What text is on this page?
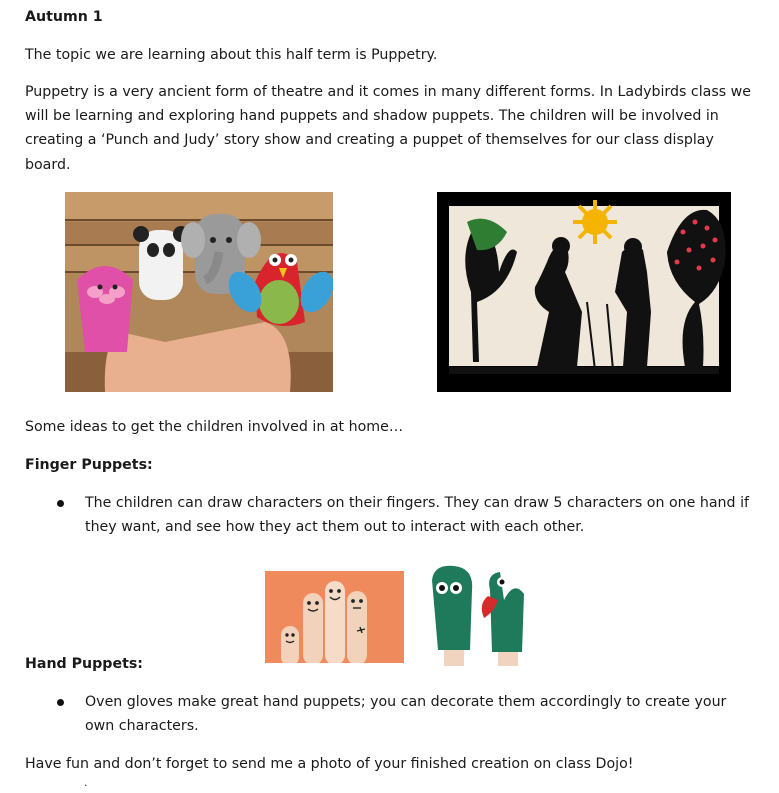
Autumn 1
The topic we are learning about this half term is Puppetry.
Puppetry is a very ancient form of theatre and it comes in many different forms. In Ladybirds class we
will be learning and exploring hand puppets and shadow puppets. The children will be involved in
creating a ‘Punch and Judy’ story show and creating a puppet of themselves for our class display
board.
Some ideas to get the children involved in at home…
Finger Puppets:
The children can draw characters on their fingers. They can draw 5 characters on one hand if
they want, and see how they act them out to interact with each other.
Hand Puppets:
Oven gloves make great hand puppets; you can decorate them accordingly to create your
own characters.
Have fun and don’t forget to send me a photo of your finished creation on class Dojo!
.
